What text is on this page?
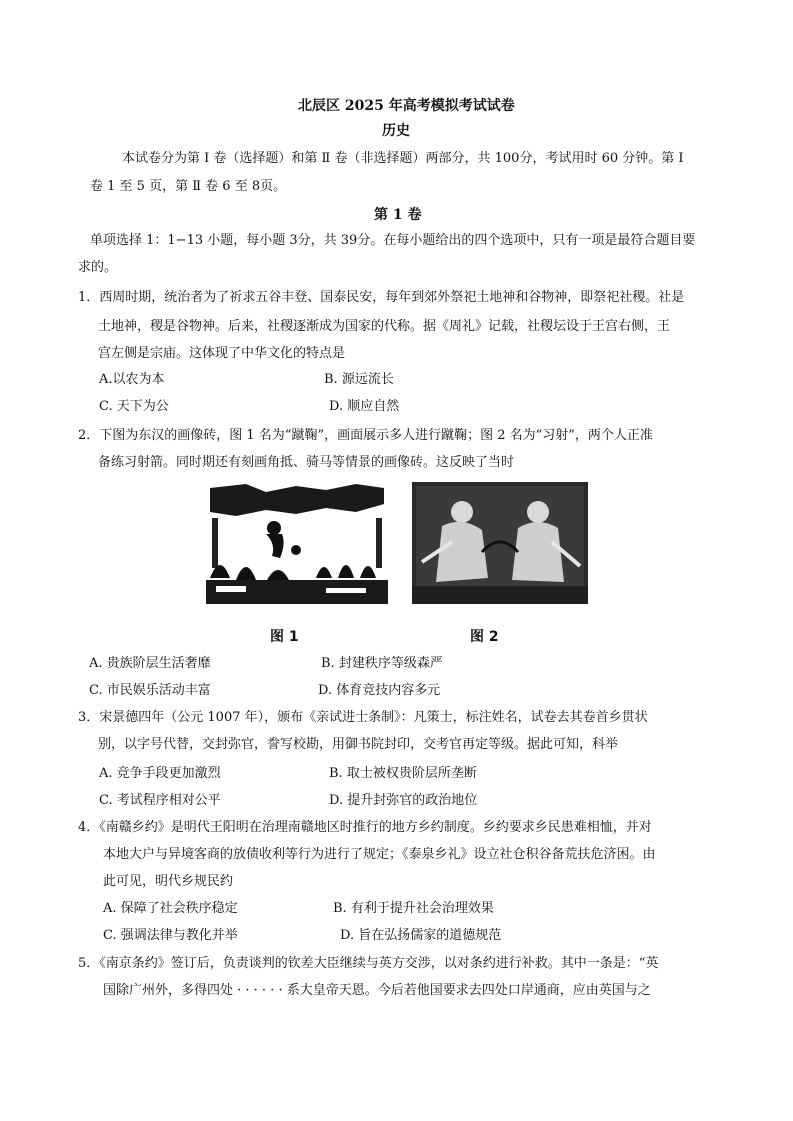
北辰区 2025 年高考模拟考试试卷
历史
本试卷分为第 Ⅰ 卷（选择题）和第 Ⅱ 卷（非选择题）两部分，共 100分，考试用时 60 分钟。第 Ⅰ
卷 1 至 5 页，第 Ⅱ 卷 6 至 8页。
第 1 卷
单项选择 1：1−13 小题，每小题 3分，共 39分。在每小题给出的四个选项中，只有一项是最符合题目要
求的。
1．西周时期，统治者为了祈求五谷丰登、国泰民安，每年到郊外祭祀土地神和谷物神，即祭祀社稷。社是
土地神，稷是谷物神。后来，社稷逐渐成为国家的代称。据《周礼》记载，社稷坛设于王宫右侧，王
宫左侧是宗庙。这体现了中华文化的特点是
A.以农为本	B. 源远流长
C. 天下为公	D. 顺应自然
2．下图为东汉的画像砖，图 1 名为“蹴鞠”，画面展示多人进行蹴鞠；图 2 名为“习射”，两个人正准
备练习射箭。同时期还有刻画角抵、骑马等情景的画像砖。这反映了当时
图 1	图 2
A. 贵族阶层生活奢靡	B. 封建秩序等级森严
C. 市民娱乐活动丰富	D. 体育竞技内容多元
3．宋景德四年（公元 1007 年），颁布《亲试进士条制》：凡策士，标注姓名，试卷去其卷首乡贯状
别，以字号代替，交封弥官，誊写校勘，用御书院封印，交考官再定等级。据此可知，科举
A. 竞争手段更加激烈	B. 取士被权贵阶层所垄断
C. 考试程序相对公平	D. 提升封弥官的政治地位
4．《南赣乡约》是明代王阳明在治理南赣地区时推行的地方乡约制度。乡约要求乡民患难相恤，并对
本地大户与异境客商的放债收利等行为进行了规定；《泰泉乡礼》设立社仓积谷备荒扶危济困。由
此可见，明代乡规民约
A. 保障了社会秩序稳定	B. 有利于提升社会治理效果
C. 强调法律与教化并举	D. 旨在弘扬儒家的道德规范
5．《南京条约》签订后，负责谈判的钦差大臣继续与英方交涉，以对条约进行补救。其中一条是：“英
国除广州外，多得四处 · · · · · · 系大皇帝天恩。今后若他国要求去四处口岸通商，应由英国与之
